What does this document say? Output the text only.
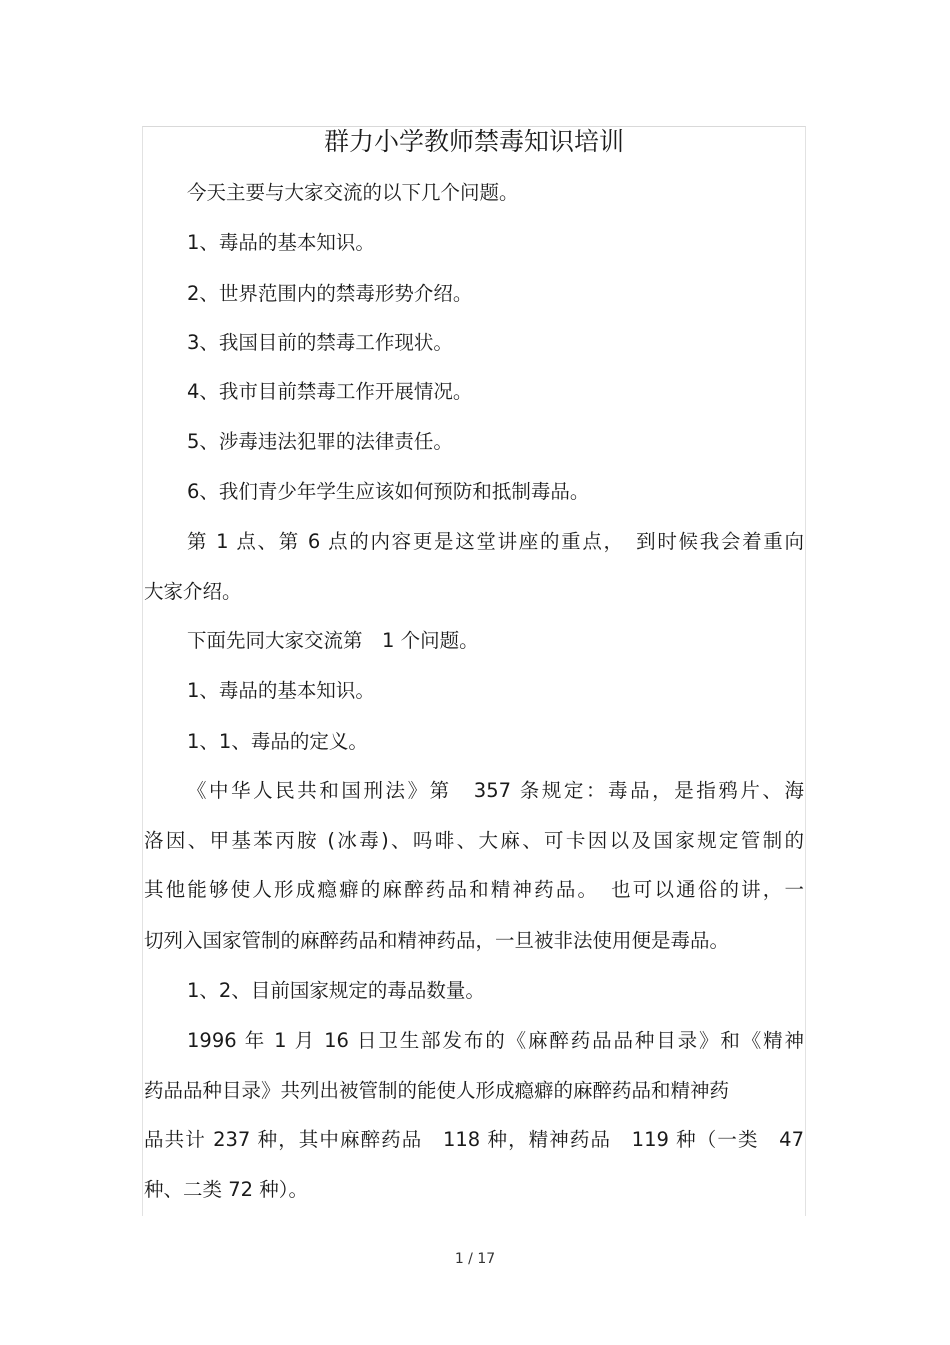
群力小学教师禁毒知识培训

今天主要与大家交流的以下几个问题。

1、毒品的基本知识。

2、世界范围内的禁毒形势介绍。

3、我国目前的禁毒工作现状。

4、我市目前禁毒工作开展情况。

5、涉毒违法犯罪的法律责任。

6、我们青少年学生应该如何预防和抵制毒品。

第 1 点、第 6 点的内容更是这堂讲座的重点，　到时候我会着重向

大家介绍。

下面先同大家交流第　1 个问题。

1、毒品的基本知识。

1、1、毒品的定义。

《中华人民共和国刑法》第　357 条规定：毒品，是指鸦片、海

洛因、甲基苯丙胺 (冰毒)、吗啡、大麻、可卡因以及国家规定管制的

其他能够使人形成瘾癖的麻醉药品和精神药品。　也可以通俗的讲，一

切列入国家管制的麻醉药品和精神药品，一旦被非法使用便是毒品。

1、2、目前国家规定的毒品数量。

1996 年 1 月 16 日卫生部发布的《麻醉药品品种目录》和《精神

药品品种目录》共列出被管制的能使人形成瘾癖的麻醉药品和精神药

品共计 237 种，其中麻醉药品　118 种，精神药品　119 种（一类　47

种、二类 72 种）。

1 / 17
